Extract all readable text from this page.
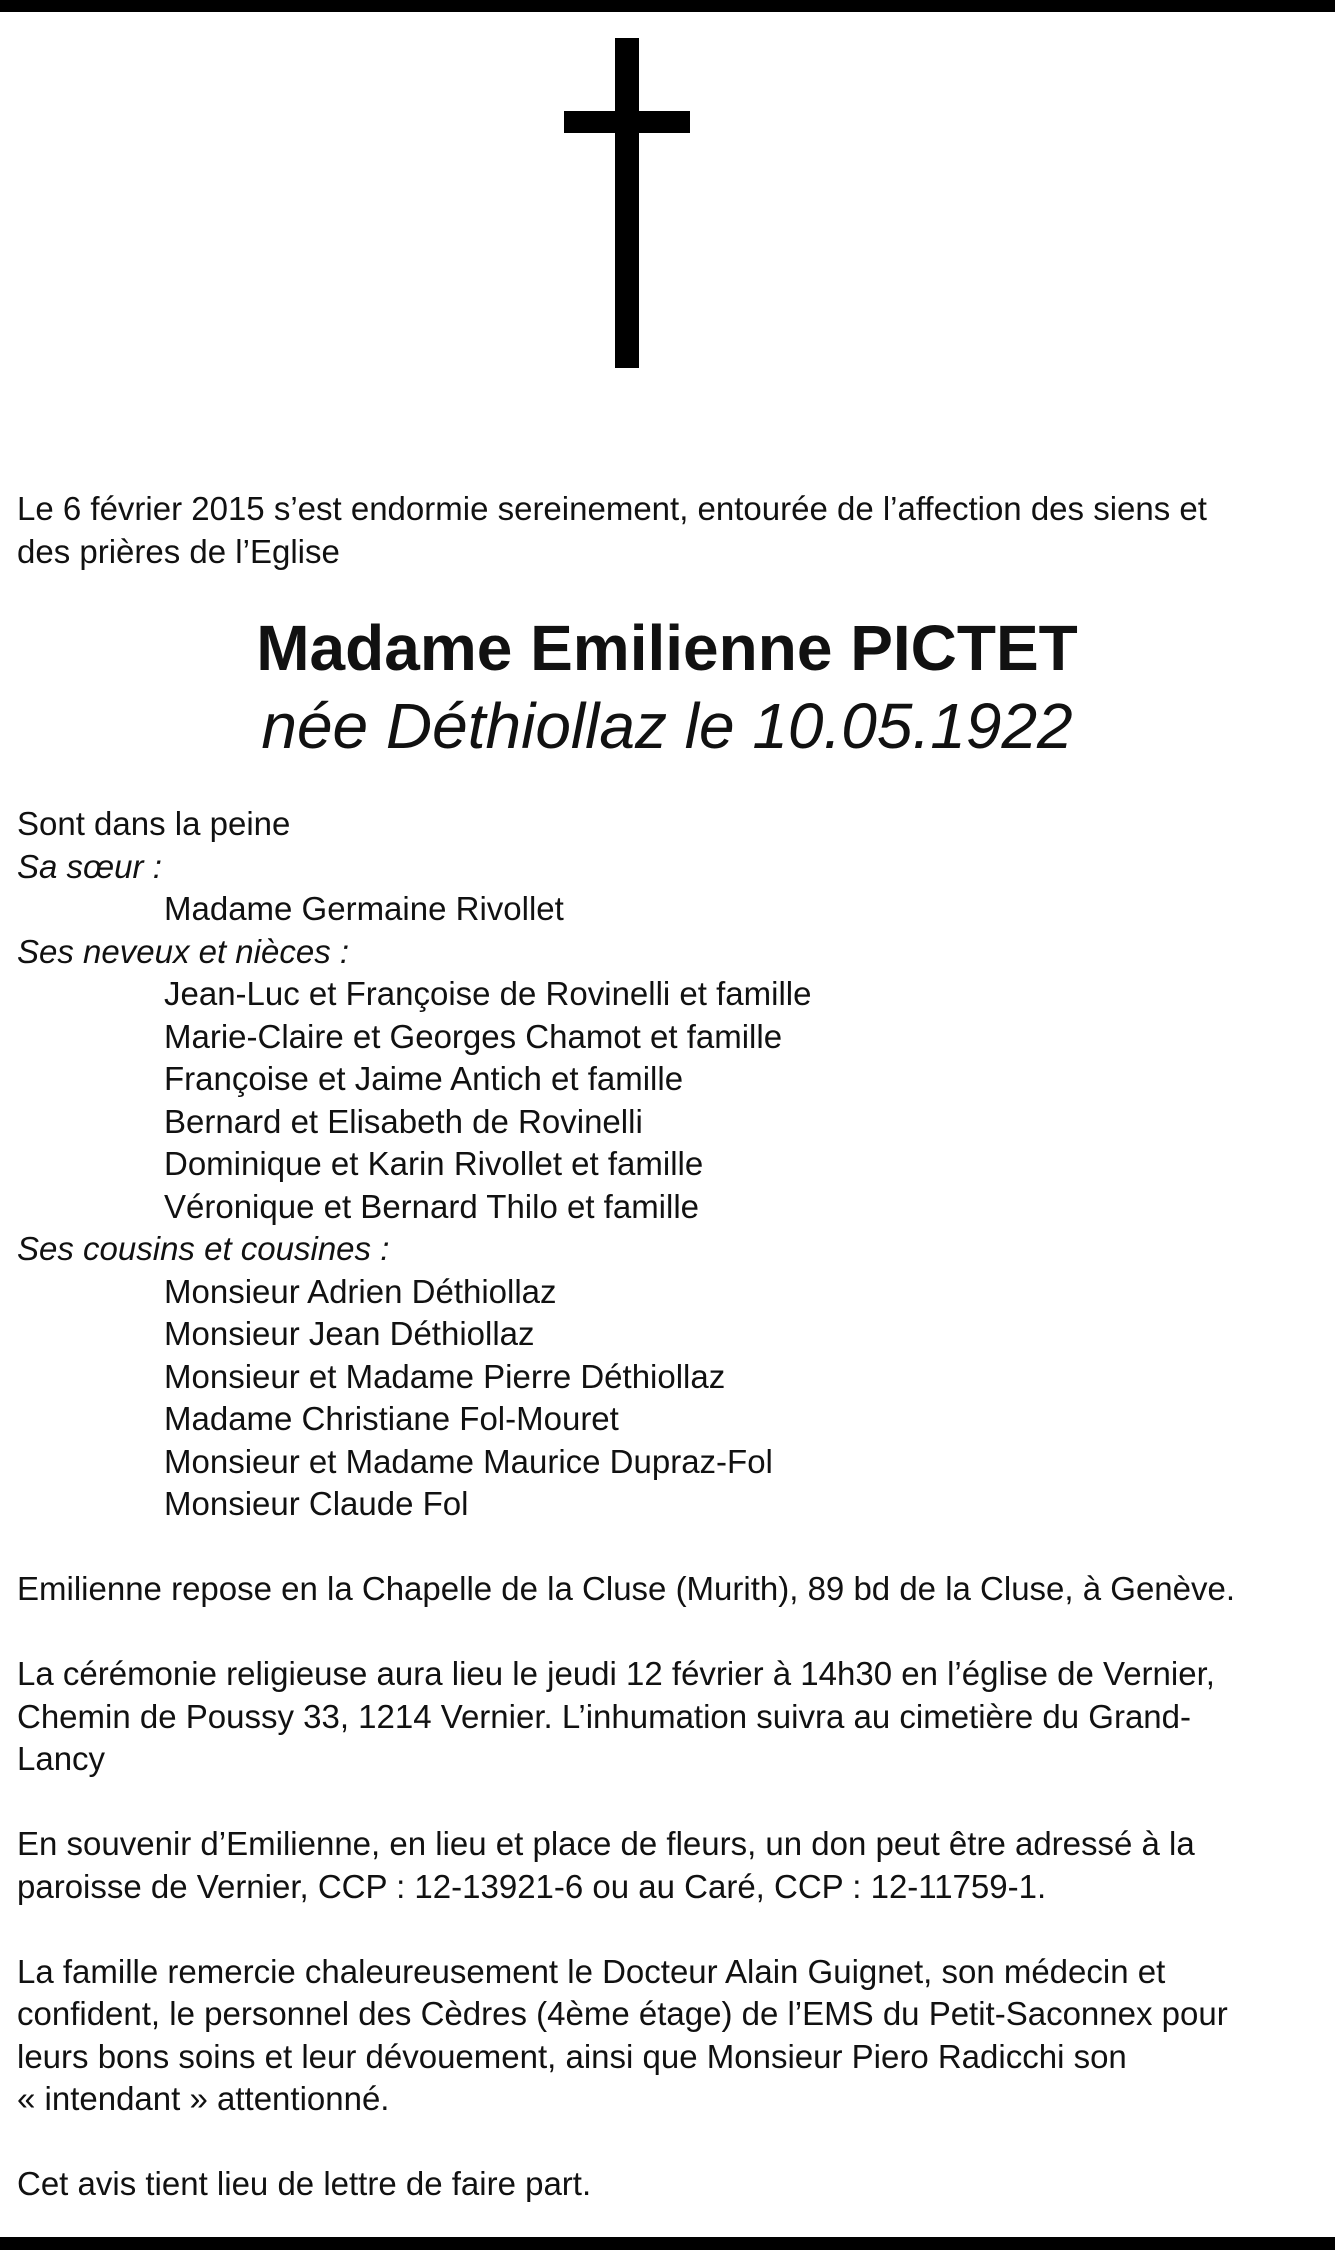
Le 6 février 2015 s’est endormie sereinement, entourée de l’affection des siens et

des prières de l’Eglise

Madame Emilienne PICTET

née Déthiollaz le 10.05.1922

Sont dans la peine

Sa sœur :

Madame Germaine Rivollet

Ses neveux et nièces :

Jean-Luc et Françoise de Rovinelli et famille

Marie-Claire et Georges Chamot et famille

Françoise et Jaime Antich et famille

Bernard et Elisabeth de Rovinelli

Dominique et Karin Rivollet et famille

Véronique et Bernard Thilo et famille

Ses cousins et cousines :

Monsieur Adrien Déthiollaz

Monsieur Jean Déthiollaz

Monsieur et Madame Pierre Déthiollaz

Madame Christiane Fol-Mouret

Monsieur et Madame Maurice Dupraz-Fol

Monsieur Claude Fol

Emilienne repose en la Chapelle de la Cluse (Murith), 89 bd de la Cluse, à Genève.

La cérémonie religieuse aura lieu le jeudi 12 février à 14h30 en l’église de Vernier,

Chemin de Poussy 33, 1214 Vernier. L’inhumation suivra au cimetière du Grand-

Lancy

En souvenir d’Emilienne, en lieu et place de fleurs, un don peut être adressé à la

paroisse de Vernier, CCP : 12-13921-6 ou au Caré, CCP : 12-11759-1.

La famille remercie chaleureusement le Docteur Alain Guignet, son médecin et

confident, le personnel des Cèdres (4ème étage) de l’EMS du Petit-Saconnex pour

leurs bons soins et leur dévouement, ainsi que Monsieur Piero Radicchi son

« intendant » attentionné.

Cet avis tient lieu de lettre de faire part.
